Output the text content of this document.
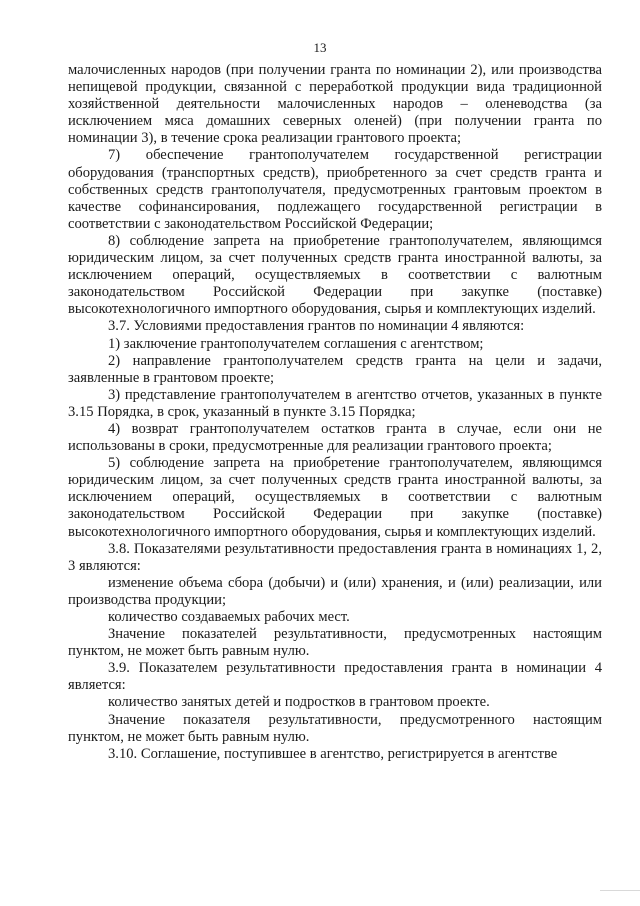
13

малочисленных народов (при получении гранта по номинации 2), или производства непищевой продукции, связанной с переработкой продукции вида традиционной хозяйственной деятельности малочисленных народов – оленеводства (за исключением мяса домашних северных оленей) (при получении гранта по номинации 3), в течение срока реализации грантового проекта;

7) обеспечение грантополучателем государственной регистрации оборудования (транспортных средств), приобретенного за счет средств гранта и собственных средств грантополучателя, предусмотренных грантовым проектом в качестве софинансирования, подлежащего государственной регистрации в соответствии с законодательством Российской Федерации;

8) соблюдение запрета на приобретение грантополучателем, являющимся юридическим лицом, за счет полученных средств гранта иностранной валюты, за исключением операций, осуществляемых в соответствии с валютным законодательством Российской Федерации при закупке (поставке) высокотехнологичного импортного оборудования, сырья и комплектующих изделий.

3.7. Условиями предоставления грантов по номинации 4 являются:

1) заключение грантополучателем соглашения с агентством;

2) направление грантополучателем средств гранта на цели и задачи, заявленные в грантовом проекте;

3) представление грантополучателем в агентство отчетов, указанных в пункте 3.15 Порядка, в срок, указанный в пункте 3.15 Порядка;

4) возврат грантополучателем остатков гранта в случае, если они не использованы в сроки, предусмотренные для реализации грантового проекта;

5) соблюдение запрета на приобретение грантополучателем, являющимся юридическим лицом, за счет полученных средств гранта иностранной валюты, за исключением операций, осуществляемых в соответствии с валютным законодательством Российской Федерации при закупке (поставке) высокотехнологичного импортного оборудования, сырья и комплектующих изделий.

3.8. Показателями результативности предоставления гранта в номинациях 1, 2, 3 являются:

изменение объема сбора (добычи) и (или) хранения, и (или) реализации, или производства продукции;

количество создаваемых рабочих мест.

Значение показателей результативности, предусмотренных настоящим пунктом, не может быть равным нулю.

3.9. Показателем результативности предоставления гранта в номинации 4 является:

количество занятых детей и подростков в грантовом проекте.

Значение показателя результативности, предусмотренного настоящим пунктом, не может быть равным нулю.

3.10. Соглашение, поступившее в агентство, регистрируется в агентстве
